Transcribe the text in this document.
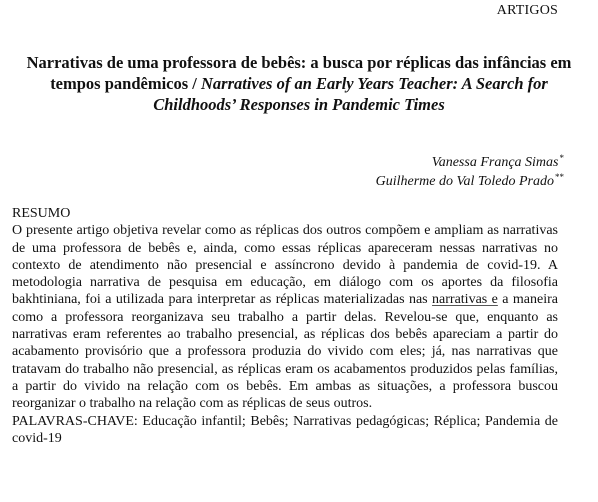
ARTIGOS
Narrativas de uma professora de bebês: a busca por réplicas das infâncias em tempos pandêmicos / Narratives of an Early Years Teacher: A Search for Childhoods’ Responses in Pandemic Times
Vanessa França Simas*
Guilherme do Val Toledo Prado**

RESUMO

O presente artigo objetiva revelar como as réplicas dos outros compõem e ampliam as narrativas de uma professora de bebês e, ainda, como essas réplicas apareceram nessas narrativas no contexto de atendimento não presencial e assíncrono devido à pandemia de covid-19. A metodologia narrativa de pesquisa em educação, em diálogo com os aportes da filosofia bakhtiniana, foi a utilizada para interpretar as réplicas materializadas nas narrativas e a maneira como a professora reorganizava seu trabalho a partir delas. Revelou-se que, enquanto as narrativas eram referentes ao trabalho presencial, as réplicas dos bebês apareciam a partir do acabamento provisório que a professora produzia do vivido com eles; já, nas narrativas que tratavam do trabalho não presencial, as réplicas eram os acabamentos produzidos pelas famílias, a partir do vivido na relação com os bebês. Em ambas as situações, a professora buscou reorganizar o trabalho na relação com as réplicas de seus outros.

PALAVRAS-CHAVE: Educação infantil; Bebês; Narrativas pedagógicas; Réplica; Pandemia de covid-19
